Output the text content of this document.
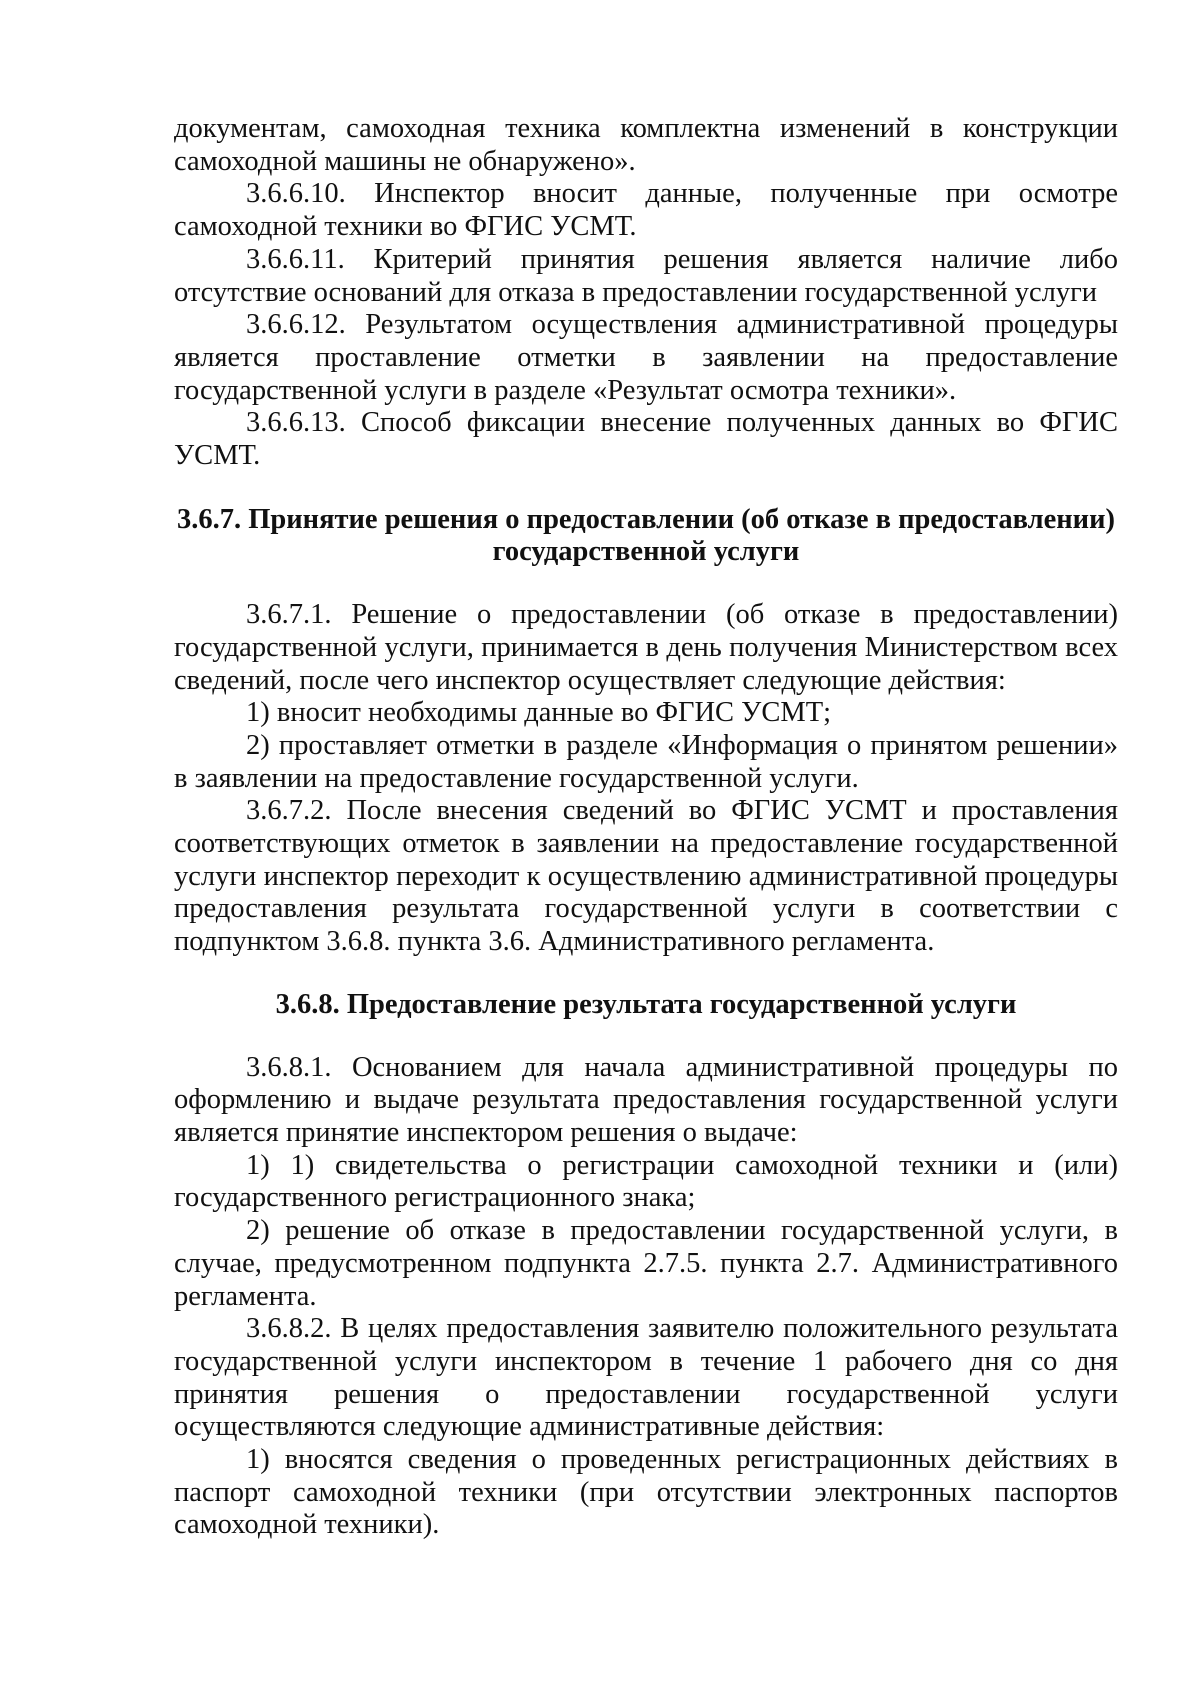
документам, самоходная техника комплектна изменений в конструкции самоходной машины не обнаружено».

3.6.6.10. Инспектор вносит данные, полученные при осмотре самоходной техники во ФГИС УСМТ.

3.6.6.11. Критерий принятия решения является наличие либо отсутствие оснований для отказа в предоставлении государственной услуги

3.6.6.12. Результатом осуществления административной процедуры является проставление отметки в заявлении на предоставление государственной услуги в разделе «Результат осмотра техники».

3.6.6.13. Способ фиксации внесение полученных данных во ФГИС УСМТ.

3.6.7. Принятие решения о предоставлении (об отказе в предоставлении) государственной услуги

3.6.7.1. Решение о предоставлении (об отказе в предоставлении) государственной услуги, принимается в день получения Министерством всех сведений, после чего инспектор осуществляет следующие действия:

1) вносит необходимы данные во ФГИС УСМТ;

2) проставляет отметки в разделе «Информация о принятом решении» в заявлении на предоставление государственной услуги.

3.6.7.2. После внесения сведений во ФГИС УСМТ и проставления соответствующих отметок в заявлении на предоставление государственной услуги инспектор переходит к осуществлению административной процедуры предоставления результата государственной услуги в соответствии с подпунктом 3.6.8. пункта 3.6. Административного регламента.

3.6.8. Предоставление результата государственной услуги

3.6.8.1. Основанием для начала административной процедуры по оформлению и выдаче результата предоставления государственной услуги является принятие инспектором решения о выдаче:

1) 1) свидетельства о регистрации самоходной техники и (или) государственного регистрационного знака;

2) решение об отказе в предоставлении государственной услуги, в случае, предусмотренном подпункта 2.7.5. пункта 2.7. Административного регламента.

3.6.8.2. В целях предоставления заявителю положительного результата государственной услуги инспектором в течение 1 рабочего дня со дня принятия решения о предоставлении государственной услуги осуществляются следующие административные действия:

1) вносятся сведения о проведенных регистрационных действиях в паспорт самоходной техники (при отсутствии электронных паспортов самоходной техники).
